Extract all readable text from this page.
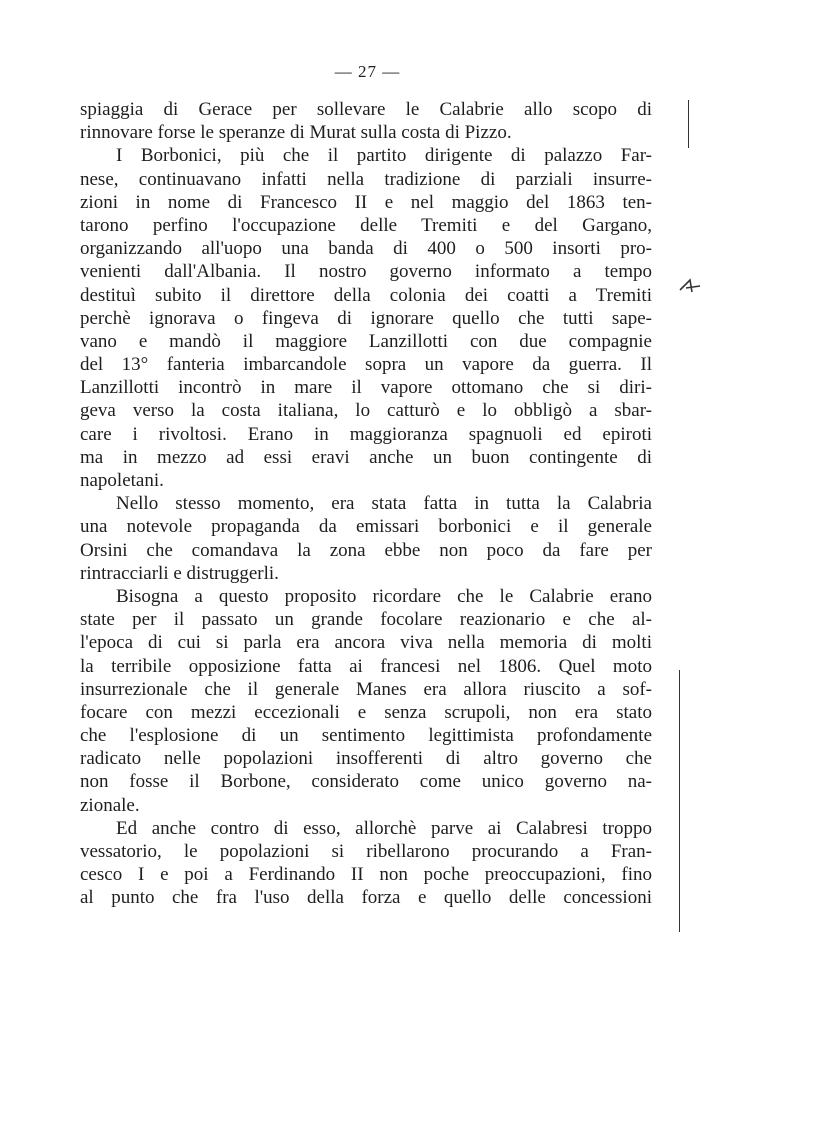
— 27 —
spiaggia di Gerace per sollevare le Calabrie allo scopo di
rinnovare forse le speranze di Murat sulla costa di Pizzo.
I Borbonici, più che il partito dirigente di palazzo Far-
nese, continuavano infatti nella tradizione di parziali insurre-
zioni in nome di Francesco II e nel maggio del 1863 ten-
tarono perfino l'occupazione delle Tremiti e del Gargano,
organizzando all'uopo una banda di 400 o 500 insorti pro-
venienti dall'Albania. Il nostro governo informato a tempo
destituì subito il direttore della colonia dei coatti a Tremiti
perchè ignorava o fingeva di ignorare quello che tutti sape-
vano e mandò il maggiore Lanzillotti con due compagnie
del 13° fanteria imbarcandole sopra un vapore da guerra. Il
Lanzillotti incontrò in mare il vapore ottomano che si diri-
geva verso la costa italiana, lo catturò e lo obbligò a sbar-
care i rivoltosi. Erano in maggioranza spagnuoli ed epiroti
ma in mezzo ad essi eravi anche un buon contingente di
napoletani.
Nello stesso momento, era stata fatta in tutta la Calabria
una notevole propaganda da emissari borbonici e il generale
Orsini che comandava la zona ebbe non poco da fare per
rintracciarli e distruggerli.
Bisogna a questo proposito ricordare che le Calabrie erano
state per il passato un grande focolare reazionario e che al-
l'epoca di cui si parla era ancora viva nella memoria di molti
la terribile opposizione fatta ai francesi nel 1806. Quel moto
insurrezionale che il generale Manes era allora riuscito a sof-
focare con mezzi eccezionali e senza scrupoli, non era stato
che l'esplosione di un sentimento legittimista profondamente
radicato nelle popolazioni insofferenti di altro governo che
non fosse il Borbone, considerato come unico governo na-
zionale.
Ed anche contro di esso, allorchè parve ai Calabresi troppo
vessatorio, le popolazioni si ribellarono procurando a Fran-
cesco I e poi a Ferdinando II non poche preoccupazioni, fino
al punto che fra l'uso della forza e quello delle concessioni
